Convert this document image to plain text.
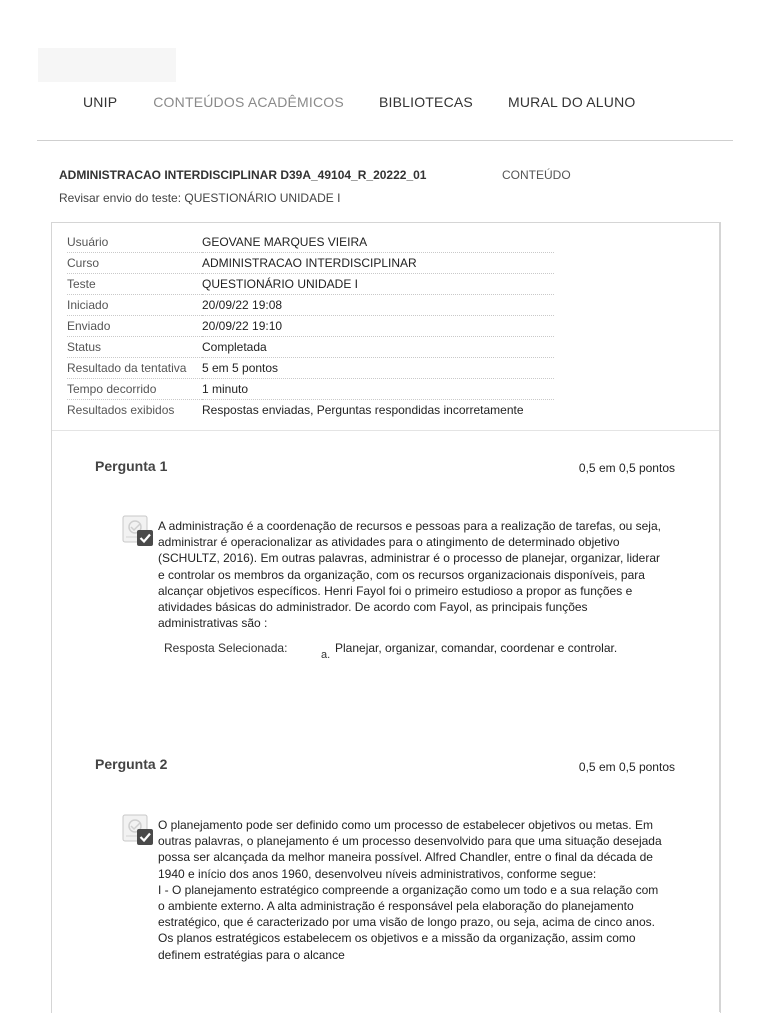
UNIP	CONTEÚDOS ACADÊMICOS	BIBLIOTECAS	MURAL DO ALUNO
ADMINISTRACAO INTERDISCIPLINAR D39A_49104_R_20222_01	CONTEÚDO
Revisar envio do teste: QUESTIONÁRIO UNIDADE I
Usuário	GEOVANE MARQUES VIEIRA
Curso	ADMINISTRACAO INTERDISCIPLINAR
Teste	QUESTIONÁRIO UNIDADE I
Iniciado	20/09/22 19:08
Enviado	20/09/22 19:10
Status	Completada
Resultado da tentativa	5 em 5 pontos
Tempo decorrido	1 minuto
Resultados exibidos	Respostas enviadas, Perguntas respondidas incorretamente
Pergunta 1	0,5 em 0,5 pontos
A administração é a coordenação de recursos e pessoas para a realização de tarefas, ou seja, administrar é operacionalizar as atividades para o atingimento de determinado objetivo (SCHULTZ, 2016). Em outras palavras, administrar é o processo de planejar, organizar, liderar e controlar os membros da organização, com os recursos organizacionais disponíveis, para alcançar objetivos específicos. Henri Fayol foi o primeiro estudioso a propor as funções e atividades básicas do administrador. De acordo com Fayol, as principais funções administrativas são :
Resposta Selecionada:	a. Planejar, organizar, comandar, coordenar e controlar.
Pergunta 2	0,5 em 0,5 pontos
O planejamento pode ser definido como um processo de estabelecer objetivos ou metas. Em outras palavras, o planejamento é um processo desenvolvido para que uma situação desejada possa ser alcançada da melhor maneira possível. Alfred Chandler, entre o final da década de 1940 e início dos anos 1960, desenvolveu níveis administrativos, conforme segue:
I - O planejamento estratégico compreende a organização como um todo e a sua relação com o ambiente externo. A alta administração é responsável pela elaboração do planejamento estratégico, que é caracterizado por uma visão de longo prazo, ou seja, acima de cinco anos. Os planos estratégicos estabelecem os objetivos e a missão da organização, assim como definem estratégias para o alcance
